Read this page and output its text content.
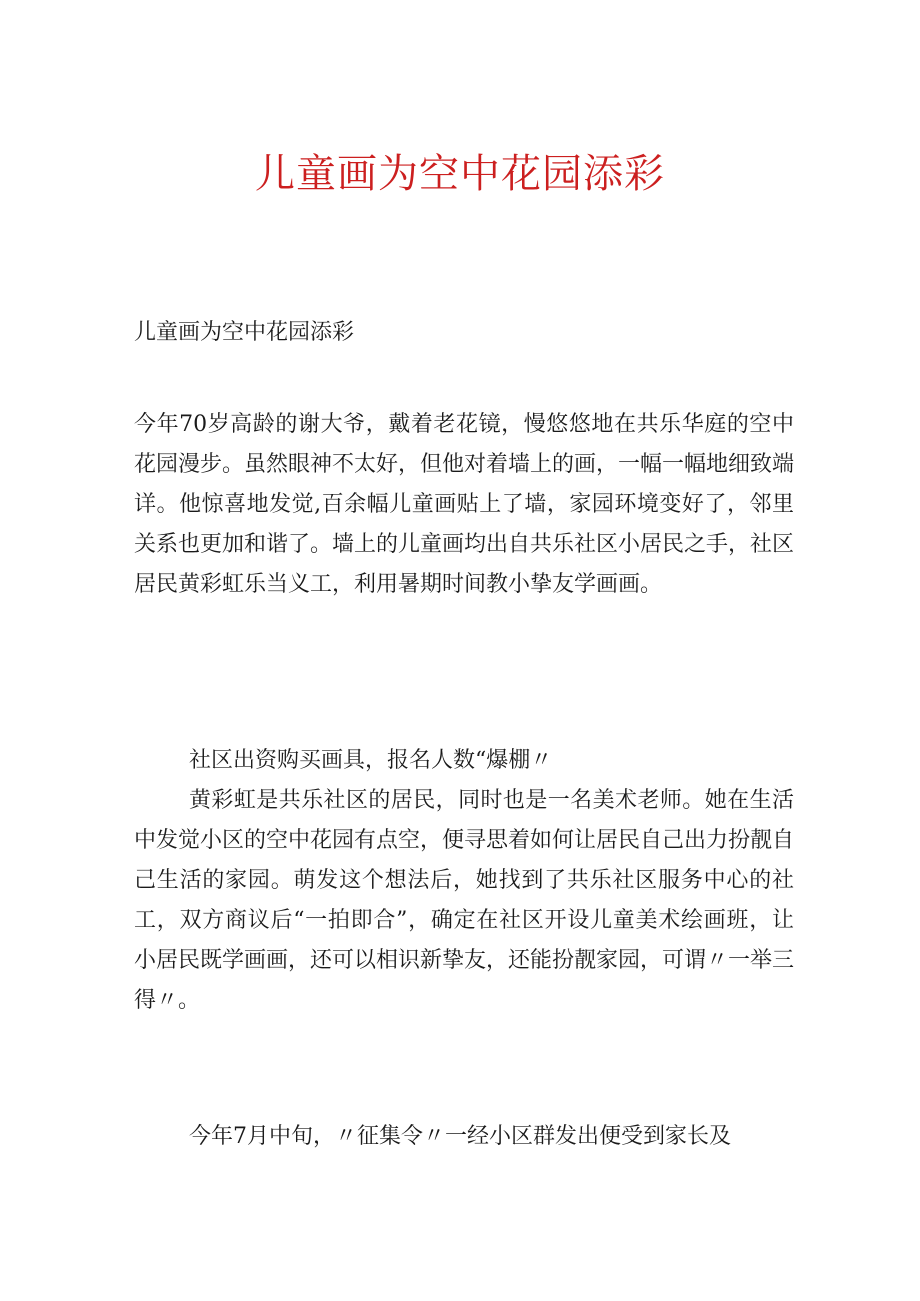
儿童画为空中花园添彩

儿童画为空中花园添彩

今年70岁高龄的谢大爷，戴着老花镜，慢悠悠地在共乐华庭的空中花园漫步。虽然眼神不太好，但他对着墙上的画，一幅一幅地细致端详。他惊喜地发觉,百余幅儿童画贴上了墙，家园环境变好了，邻里关系也更加和谐了。墙上的儿童画均出自共乐社区小居民之手，社区居民黄彩虹乐当义工，利用暑期时间教小挚友学画画。

社区出资购买画具，报名人数“爆棚〃

黄彩虹是共乐社区的居民，同时也是一名美术老师。她在生活中发觉小区的空中花园有点空，便寻思着如何让居民自己出力扮靓自己生活的家园。萌发这个想法后，她找到了共乐社区服务中心的社工，双方商议后“一拍即合”，确定在社区开设儿童美术绘画班，让小居民既学画画，还可以相识新挚友，还能扮靓家园，可谓〃一举三得〃。

今年7月中旬，〃征集令〃一经小区群发出便受到家长及
